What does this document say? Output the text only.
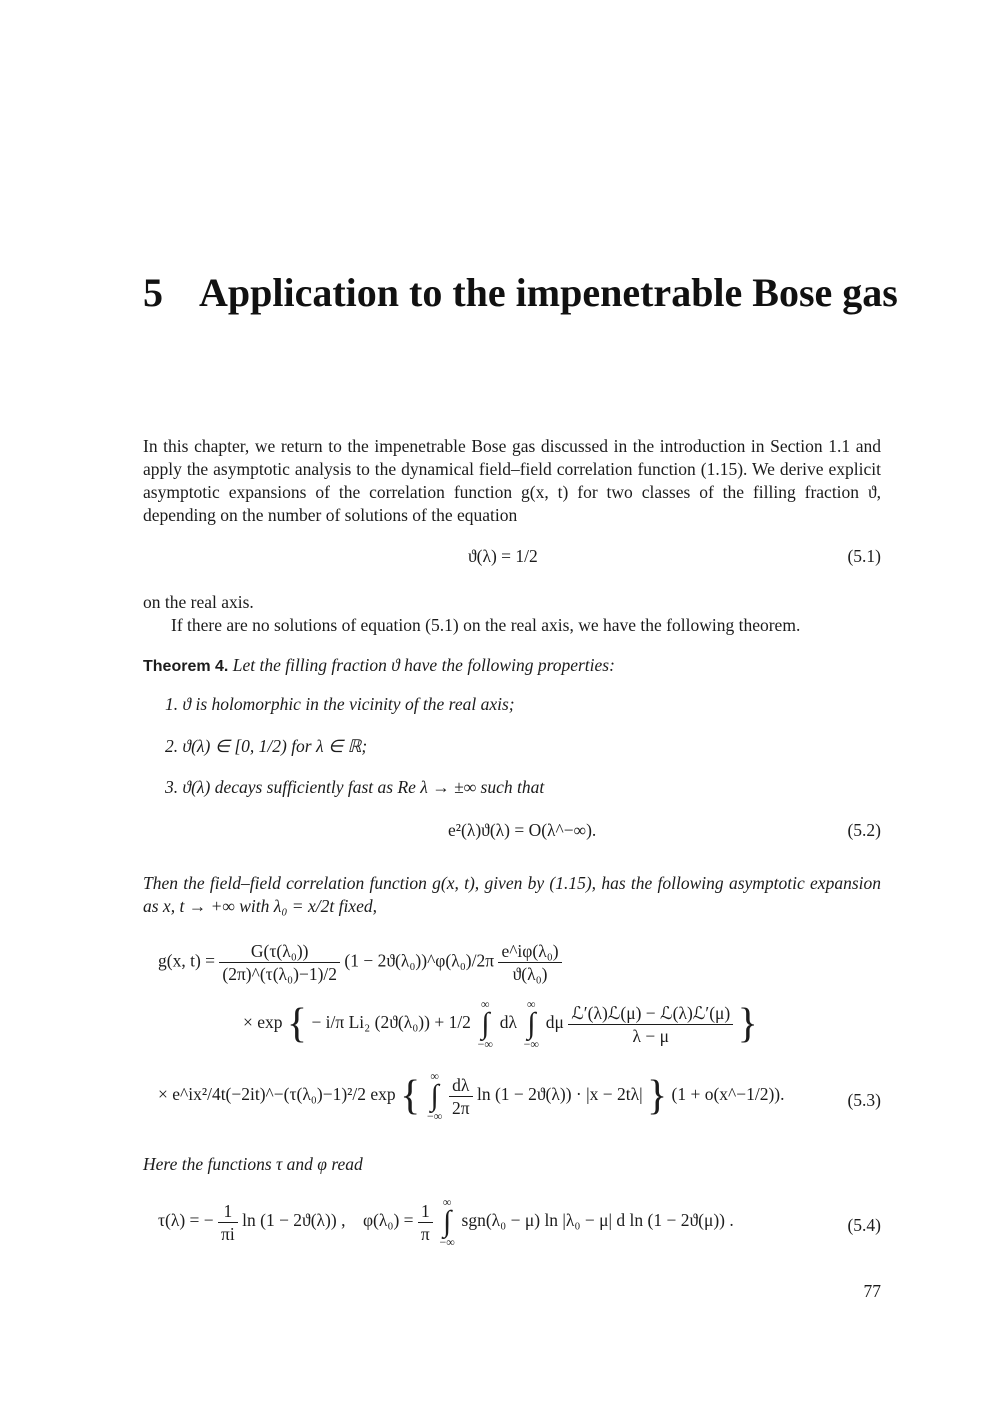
5 Application to the impenetrable Bose gas

In this chapter, we return to the impenetrable Bose gas discussed in the introduction in Section 1.1 and apply the asymptotic analysis to the dynamical field–field correlation function (1.15). We derive explicit asymptotic expansions of the correlation function g(x, t) for two classes of the filling fraction ϑ, depending on the number of solutions of the equation

ϑ(λ) = 1/2	(5.1)

on the real axis.

If there are no solutions of equation (5.1) on the real axis, we have the following theorem.

Theorem 4. Let the filling fraction ϑ have the following properties:

1. ϑ is holomorphic in the vicinity of the real axis;
2. ϑ(λ) ∈ [0, 1/2) for λ ∈ ℝ;
3. ϑ(λ) decays sufficiently fast as Re λ → ±∞ such that
e²(λ)ϑ(λ) = O(λ^−∞).	(5.2)

Then the field–field correlation function g(x, t), given by (1.15), has the following asymptotic expansion as x, t → +∞ with λ₀ = x/2t fixed,

g(x, $t) = \frac{\text{G(τ(λ₀))}}{\text{(2π)\textasciicircum{}(τ(λ₀)−1)/2}} (1$ − 2ϑ(λ₀))^φ(λ₀)/2π $\frac{\text{e\textasciicircum{}iφ(λ₀)}}{\text{ϑ(λ₀)}}$
× exp { − i/π Li₂ (2ϑ(λ₀)) + 1/2
∞
∫
−∞
dλ
∞
∫
−∞
dμ $\frac{\text{ℒ′(λ)ℒ(μ) − ℒ(λ)ℒ′(μ)}}{\lambda - \mu}$ }
× e^ix²/4t(−2it)^−(τ(λ₀)−1)²/2 exp { ∞
∫
−∞
$\frac{d\lambda}{2\pi}$ ln (1 − 2ϑ(λ)) · |x − 2tλ| } (1 + o(x^−1/2)).	(5.3)

Here the functions τ and φ read

τ(λ) = − $\frac{1}{\pi i}$ ln (1 − 2ϑ(λ)) , $\varphi(\lambda_0) = \frac{1}{\pi}$
∞
∫
−∞
sgn(λ₀ − μ) ln |λ₀ − μ| d ln (1 − 2ϑ(μ)) .	(5.4)
77
